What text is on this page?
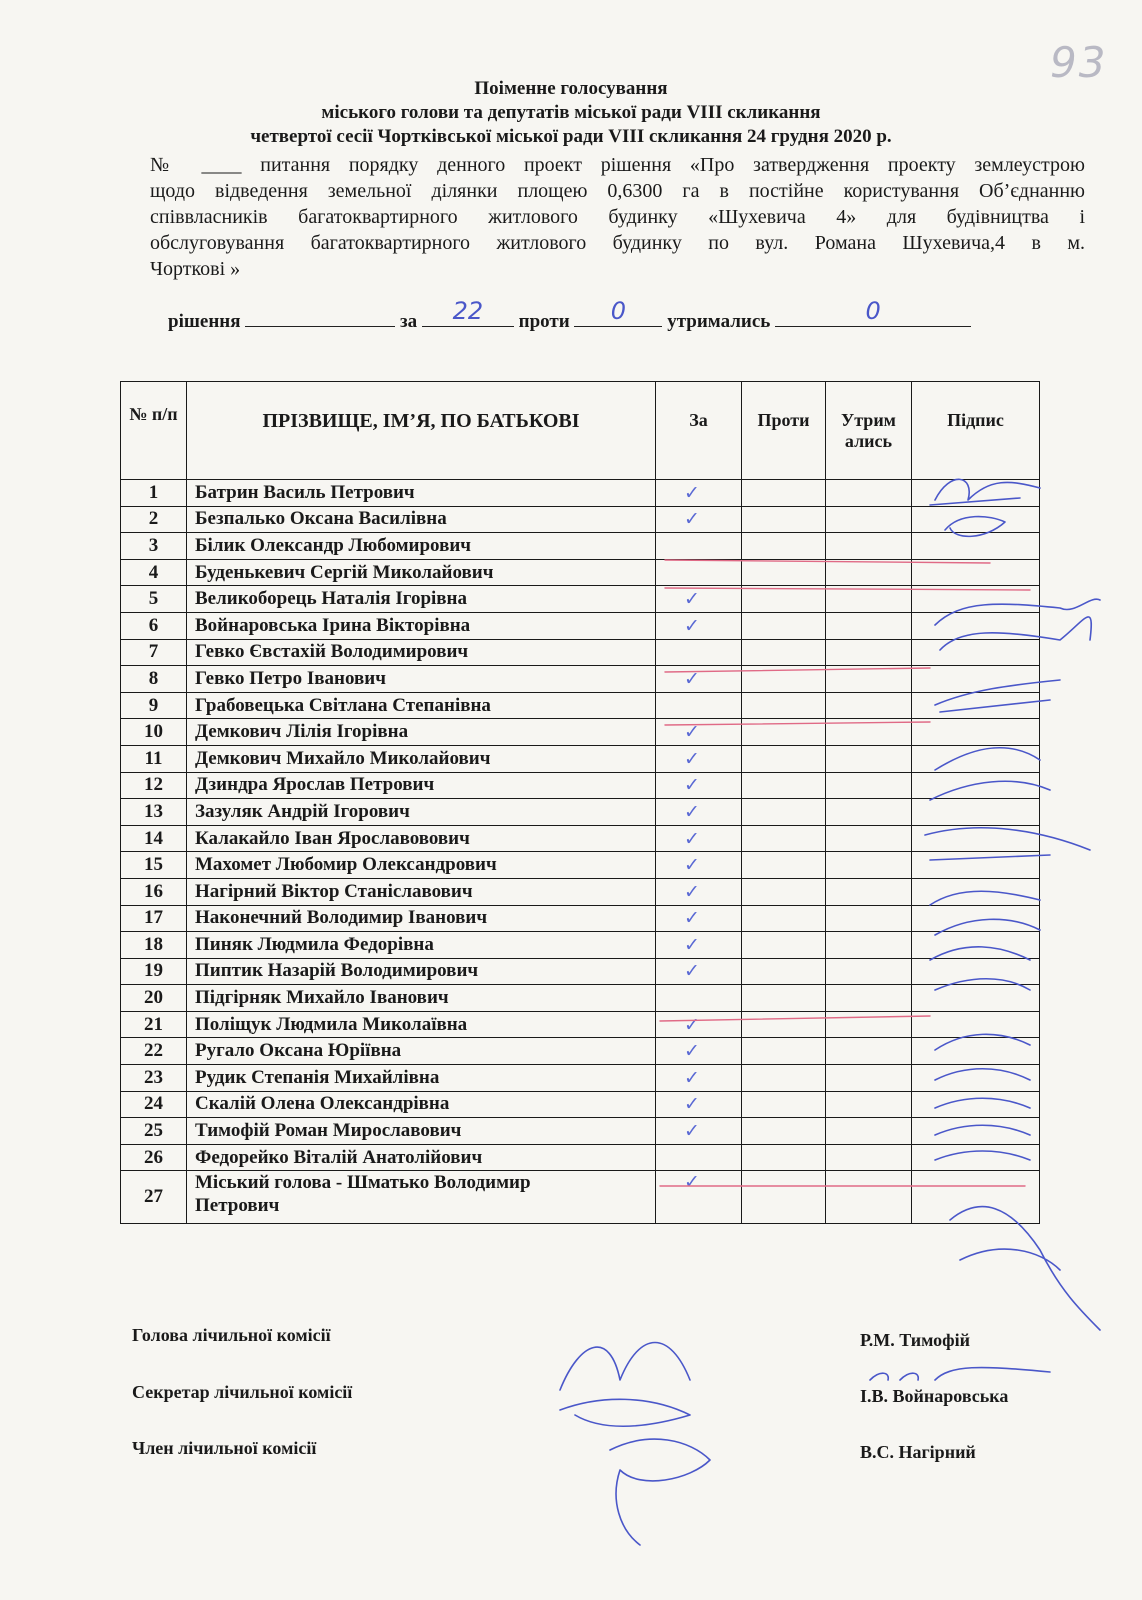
93
Поіменне голосування
міського голови та депутатів міської ради VIII скликання
четвертої сесії Чортківської міської ради VIII скликання 24 грудня 2020 р.
№ ____ питання порядку денного проект рішення «Про затвердження проекту землеустрою
щодо відведення земельної ділянки площею 0,6300 га в постійне користування Об’єднанню
співвласників багатоквартирного житлового будинку «Шухевича 4» для будівництва і
обслуговування багатоквартирного житлового будинку по вул. Романа Шухевича,4 в м.
Чорткові »
рішення	за	22	проти	0	утримались	0
№ п/п	ПРІЗВИЩЕ, ІМ’Я, ПО БАТЬКОВІ	За	Проти	Утримались	Підпис
1	Батрин Василь Петрович	✓			
2	Безпалько Оксана Василівна	✓			
3	Білик Олександр Любомирович				
4	Буденькевич Сергій Миколайович				
5	Великоборець Наталія Ігорівна	✓			
6	Войнаровська Ірина Вікторівна	✓			
7	Гевко Євстахій Володимирович				
8	Гевко Петро Іванович	✓			
9	Грабовецька Світлана Степанівна				
10	Демкович Лілія Ігорівна	✓			
11	Демкович Михайло Миколайович	✓			
12	Дзиндра Ярослав Петрович	✓			
13	Зазуляк Андрій Ігорович	✓			
14	Калакайло Іван Ярославовович	✓			
15	Махомет Любомир Олександрович	✓			
16	Нагірний Віктор Станіславович	✓			
17	Наконечний Володимир Іванович	✓			
18	Пиняк Людмила Федорівна	✓			
19	Пиптик Назарій Володимирович	✓			
20	Підгірняк Михайло Іванович				
21	Поліщук Людмила Миколаївна	✓			
22	Ругало Оксана Юріївна	✓			
23	Рудик Степанія Михайлівна	✓			
24	Скалій Олена Олександрівна	✓			
25	Тимофій Роман Мирославович	✓			
26	Федорейко Віталій Анатолійович				
27	Міський голова - Шматько Володимир
Петрович	✓			
Голова лічильної комісії	Р.М. Тимофій
Секретар лічильної комісії	І.В. Войнаровська
Член лічильної комісії	В.С. Нагірний
